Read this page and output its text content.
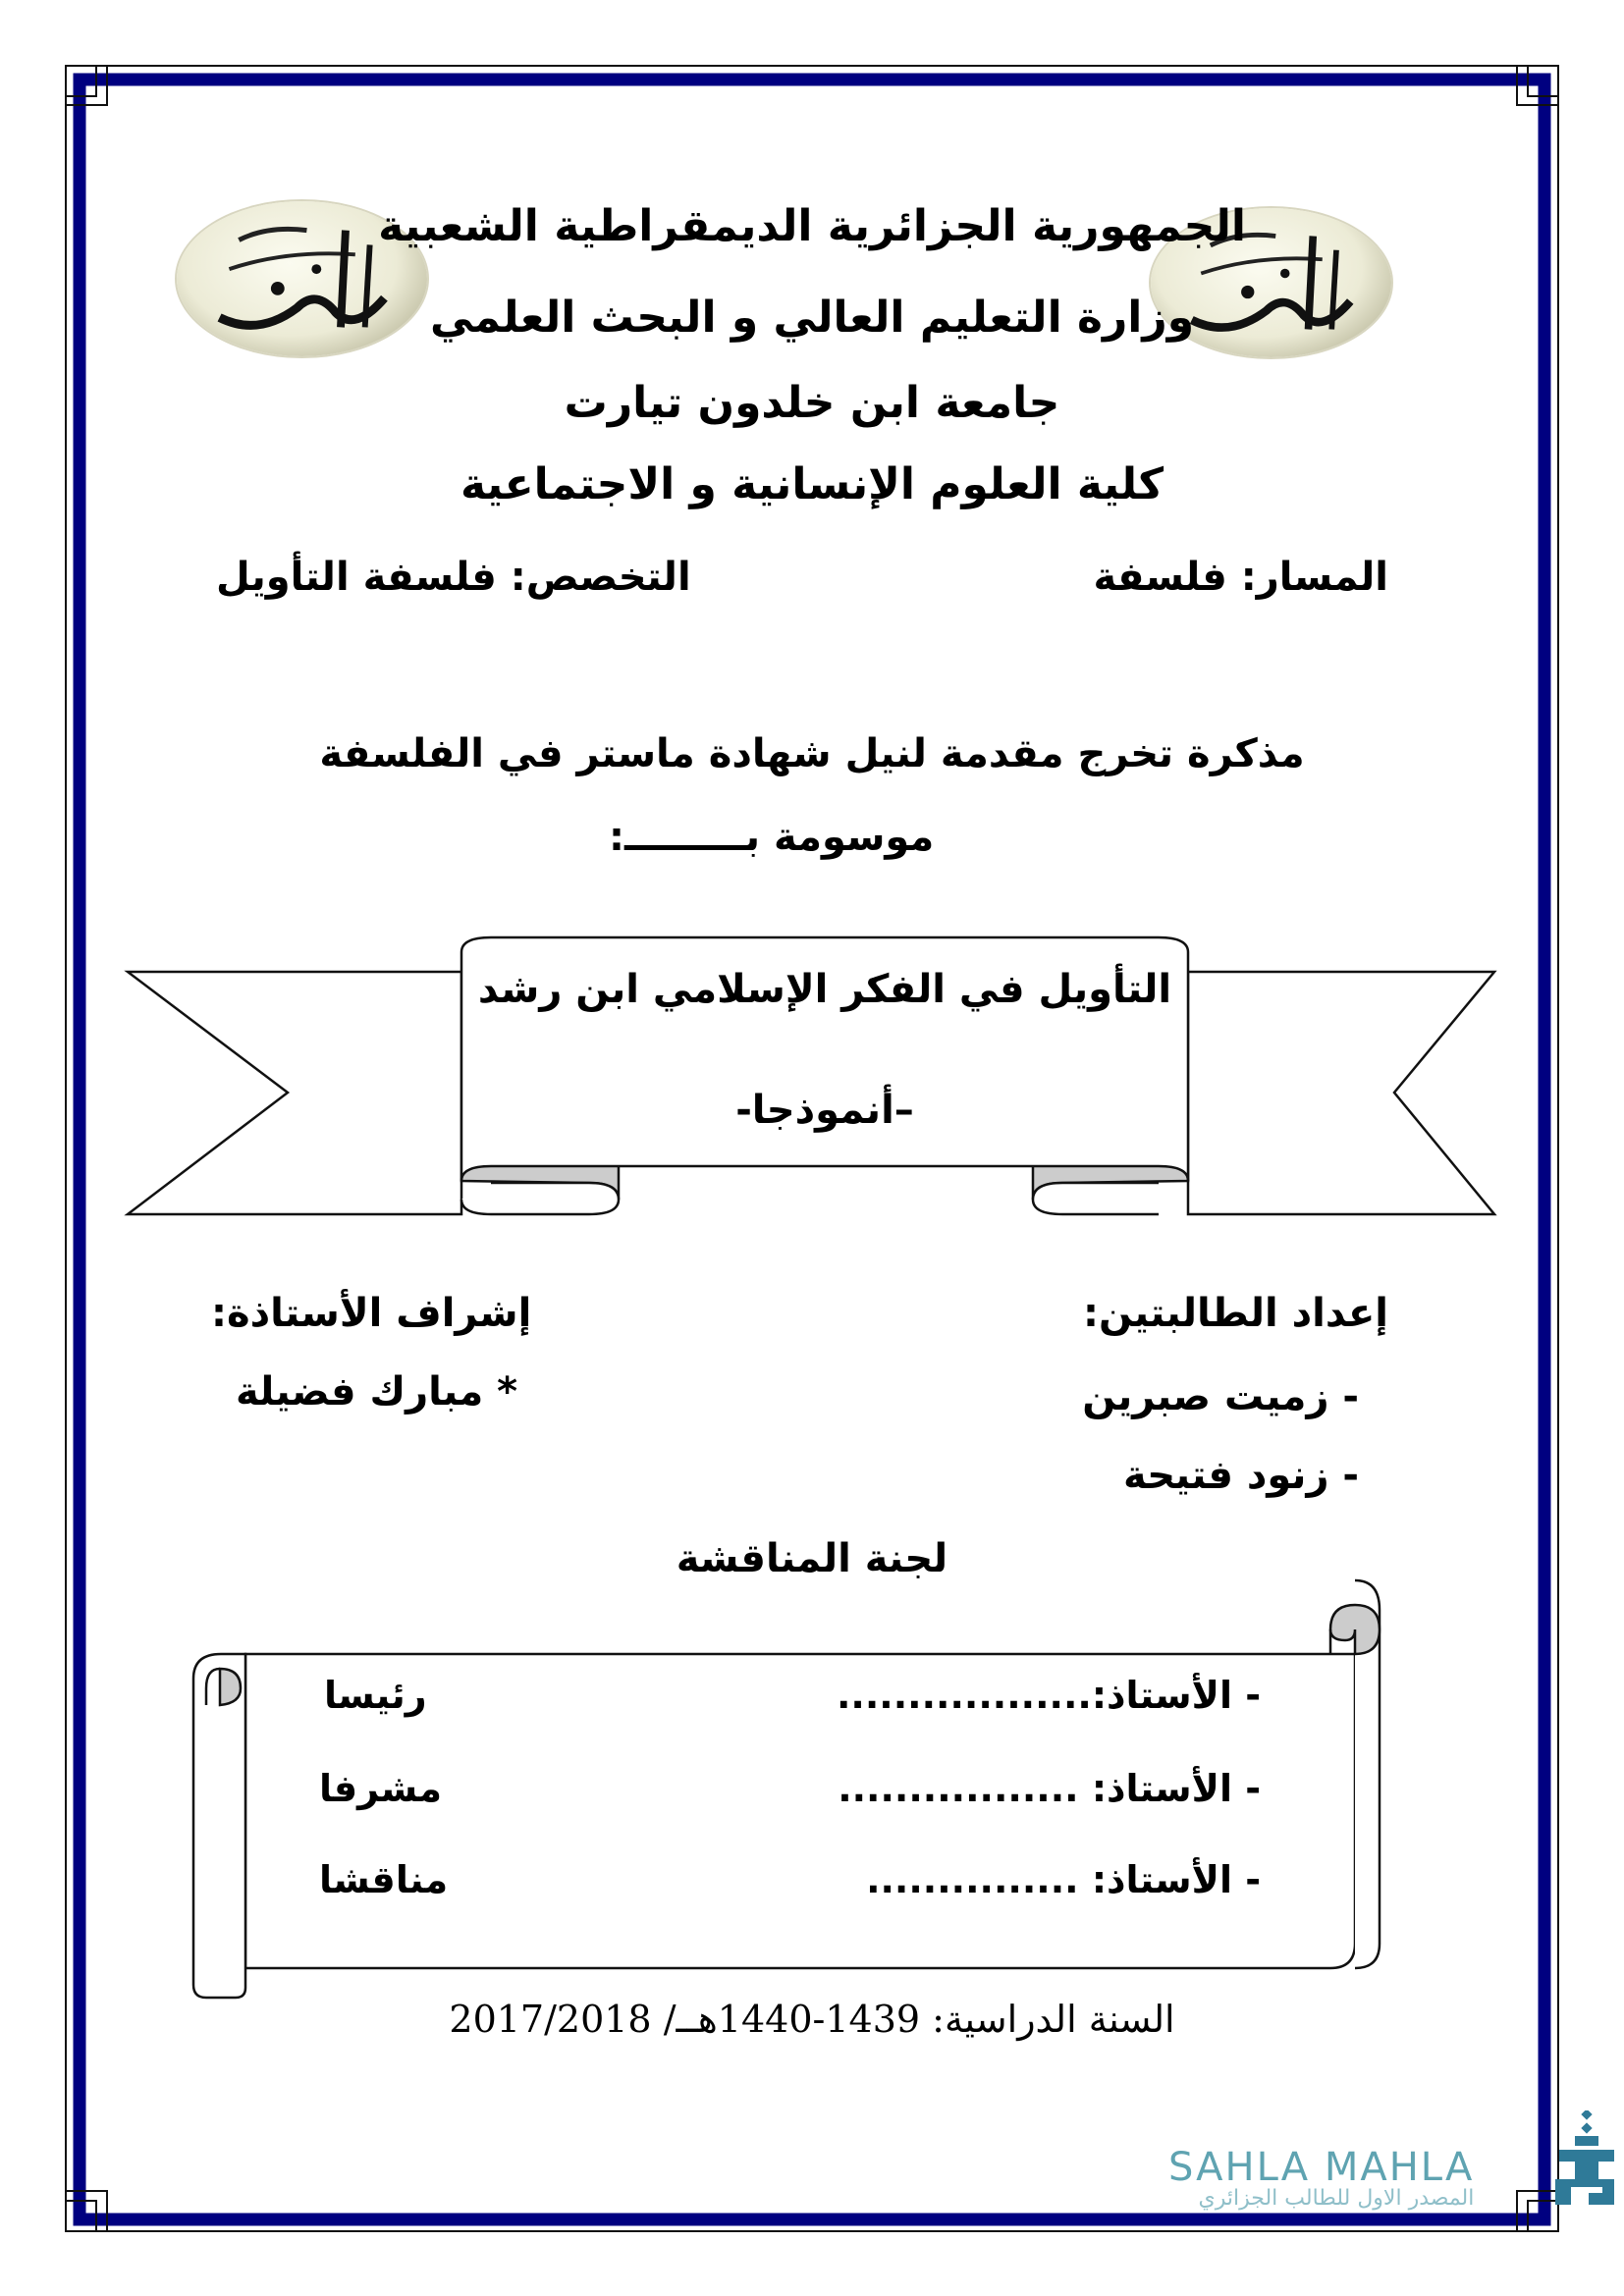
الجمهورية الجزائرية الديمقراطية الشعبية
وزارة التعليم العالي و البحث العلمي
جامعة ابن خلدون تيارت
كلية العلوم الإنسانية و الاجتماعية
المسار: فلسفة
التخصص: فلسفة التأويل
مذكرة تخرج مقدمة لنيل شهادة ماستر في الفلسفة
موسومة بـــــــــ:
التأويل في الفكر الإسلامي ابن رشد
–أنموذجا-
إعداد الطالبتين:
- زميت صبرين
- زنود فتيحة
إشراف الأستاذة:
* مبارك فضيلة
لجنة المناقشة
- الأستاذ:..................
رئيسا
- الأستاذ: .................
مشرفا
- الأستاذ: ...............
مناقشا
السنة الدراسية: 1439-1440هــ/ 2017/2018
SAHLA MAHLA
المصدر الاول للطالب الجزائري
